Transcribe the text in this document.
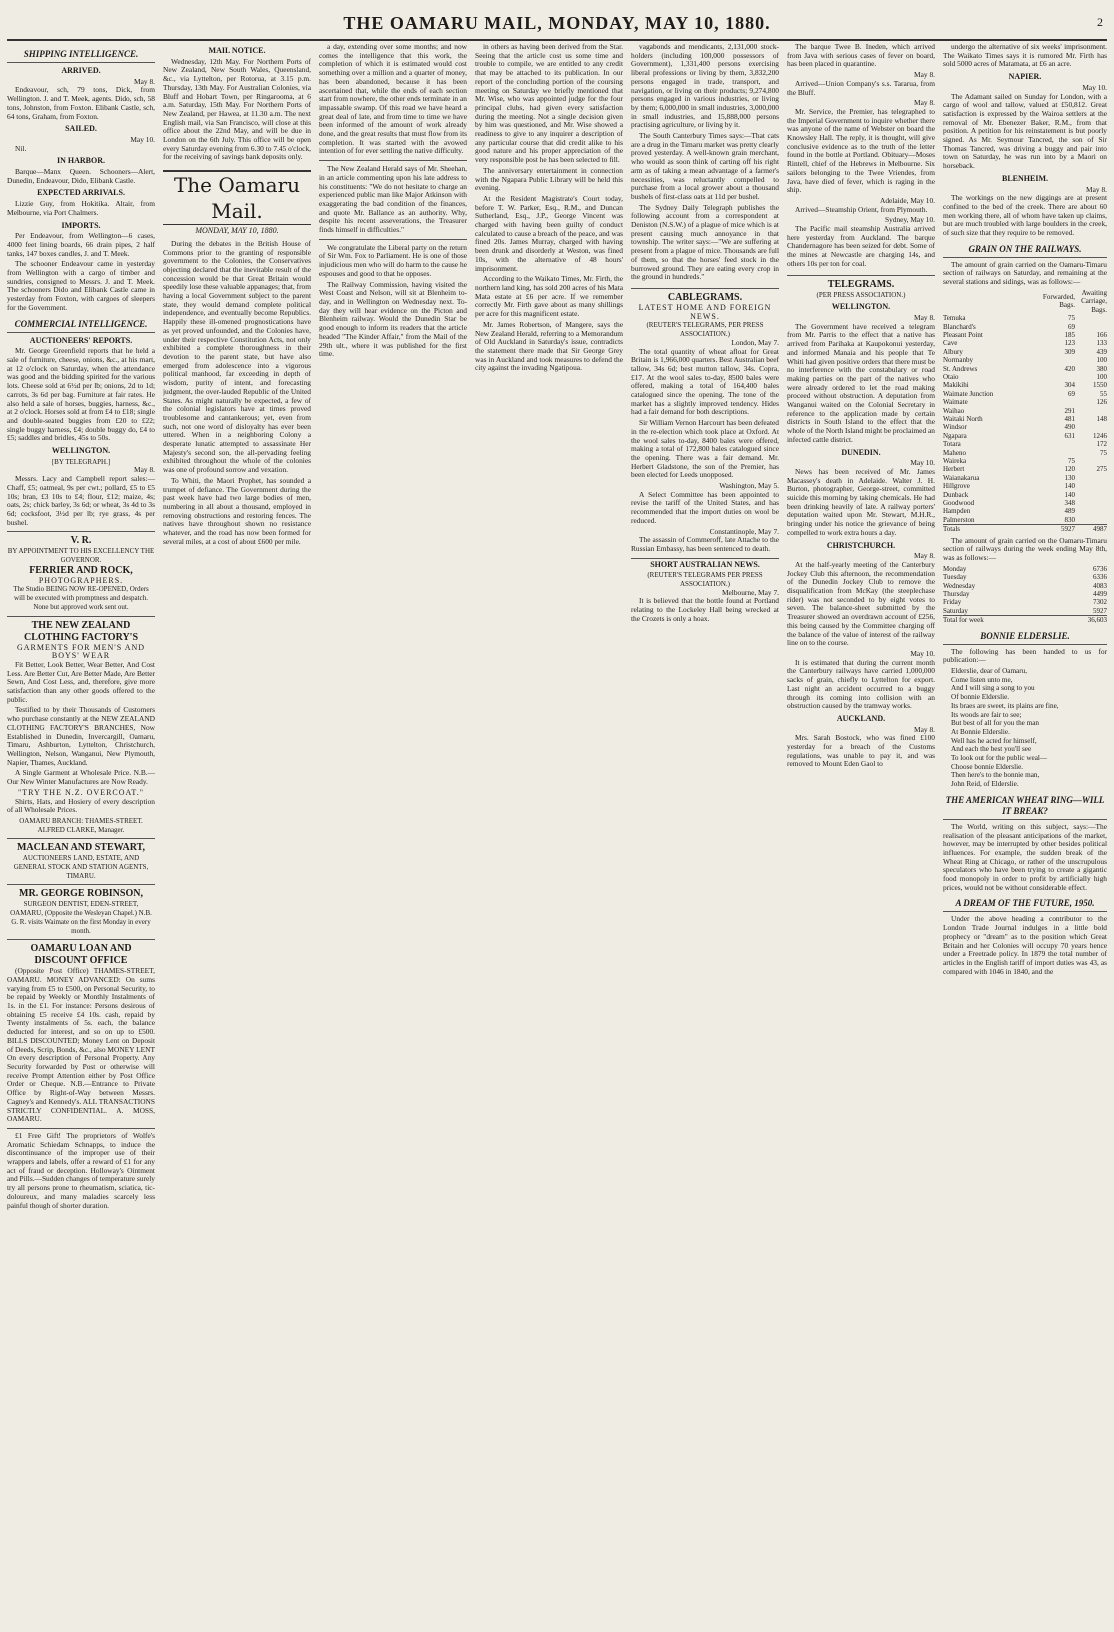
THE OAMARU MAIL, MONDAY, MAY 10, 1880.	2
SHIPPING INTELLIGENCE.
ARRIVED.
May 8.

Endeavour, sch, 79 tons, Dick, from Wellington. J. and T. Meek, agents. Dido, sch, 58 tons, Johnston, from Foxton. Elibank Castle, sch, 64 tons, Graham, from Foxton.

SAILED.
May 10.

Nil.

IN HARBOR.

Barque—Manx Queen. Schooners—Alert, Dunedin, Endeavour, Dido, Elibank Castle.

EXPECTED ARRIVALS.

Lizzie Guy, from Hokitika. Altair, from Melbourne, via Port Chalmers.

IMPORTS.

Per Endeavour, from Wellington—6 cases, 4000 feet lining boards, 66 drain pipes, 2 half tanks, 147 boxes candles, J. and T. Meek.

The schooner Endeavour came in yesterday from Wellington with a cargo of timber and sundries, consigned to Messrs. J. and T. Meek. The schooners Dido and Elibank Castle came in yesterday from Foxton, with cargoes of sleepers for the Government.

COMMERCIAL INTELLIGENCE.
AUCTIONEERS' REPORTS.

Mr. George Greenfield reports that he held a sale of furniture, cheese, onions, &c., at his mart, at 12 o'clock on Saturday, when the attendance was good and the bidding spirited for the various lots. Cheese sold at 6½d per lb; onions, 2d to 1d; carrots, 3s 6d per bag. Furniture at fair rates. He also held a sale of horses, buggies, harness, &c., at 2 o'clock. Horses sold at from £4 to £18; single and double-seated buggies from £20 to £22; single buggy harness, £4; double buggy do, £4 to £5; saddles and bridles, 45s to 50s.

WELLINGTON.
[BY TELEGRAPH.]
May 8.

Messrs. Lacy and Campbell report sales:—Chaff, £5; oatmeal, 9s per cwt.; pollard, £5 to £5 10s; bran, £3 10s to £4; flour, £12; maize, 4s; oats, 2s; chick barley, 3s 6d; or wheat, 3s 4d to 3s 6d; cocksfoot, 3½d per lb; rye grass, 4s per bushel.

V. R.
BY APPOINTMENT TO HIS EXCELLENCY THE GOVERNOR.
FERRIER AND ROCK,
PHOTOGRAPHERS.
The Studio BEING NOW RE-OPENED, Orders will be executed with promptness and despatch. None but approved work sent out.
THE NEW ZEALAND CLOTHING FACTORY'S
GARMENTS FOR MEN'S AND BOYS' WEAR

Fit Better, Look Better, Wear Better, And Cost Less. Are Better Cut, Are Better Made, Are Better Sewn, And Cost Less, and, therefore, give more satisfaction than any other goods offered to the public.

Testified to by their Thousands of Customers who purchase constantly at the NEW ZEALAND CLOTHING FACTORY'S BRANCHES, Now Established in Dunedin, Invercargill, Oamaru, Timaru, Ashburton, Lyttelton, Christchurch, Wellington, Nelson, Wanganui, New Plymouth, Napier, Thames, Auckland.

A Single Garment at Wholesale Price. N.B.—Our New Winter Manufactures are Now Ready.

"TRY THE N.Z. OVERCOAT."

Shirts, Hats, and Hosiery of every description of all Wholesale Prices.

OAMARU BRANCH: THAMES-STREET. ALFRED CLARKE, Manager.
MACLEAN AND STEWART,
AUCTIONEERS LAND, ESTATE, AND GENERAL STOCK AND STATION AGENTS, TIMARU.
MR. GEORGE ROBINSON,
SURGEON DENTIST, EDEN-STREET, OAMARU, (Opposite the Wesleyan Chapel.) N.B. G. R. visits Waimate on the first Monday in every month.
OAMARU LOAN AND DISCOUNT OFFICE

(Opposite Post Office) THAMES-STREET, OAMARU. MONEY ADVANCED: On sums varying from £5 to £500, on Personal Security, to be repaid by Weekly or Monthly Instalments of 1s. in the £1. For instance: Persons desirous of obtaining £5 receive £4 10s. cash, repaid by Twenty instalments of 5s. each, the balance deducted for interest, and so on up to £500. BILLS DISCOUNTED; Money Lent on Deposit of Deeds, Scrip, Bonds, &c., also MONEY LENT On every description of Personal Property. Any Security forwarded by Post or otherwise will receive Prompt Attention either by Post Office Order or Cheque. N.B.—Entrance to Private Office by Right-of-Way between Messrs. Cagney's and Kennedy's. ALL TRANSACTIONS STRICTLY CONFIDENTIAL. A. MOSS, OAMARU.

£1 Free Gift! The proprietors of Wolfe's Aromatic Schiedam Schnapps, to induce the discontinuance of the improper use of their wrappers and labels, offer a reward of £1 for any act of fraud or deception. Holloway's Ointment and Pills.—Sudden changes of temperature surely try all persons prone to rheumatism, sciatica, tic-doloureux, and many maladies scarcely less painful though of shorter duration.

MAIL NOTICE.

Wednesday, 12th May. For Northern Ports of New Zealand, New South Wales, Queensland, &c., via Lyttelton, per Rotorua, at 3.15 p.m. Thursday, 13th May. For Australian Colonies, via Bluff and Hobart Town, per Ringarooma, at 6 a.m. Saturday, 15th May. For Northern Ports of New Zealand, per Hawea, at 11.30 a.m. The next English mail, via San Francisco, will close at this office about the 22nd May, and will be due in London on the 6th July. This office will be open every Saturday evening from 6.30 to 7.45 o'clock, for the receiving of savings bank deposits only.

The Oamaru Mail.
MONDAY, MAY 10, 1880.

During the debates in the British House of Commons prior to the granting of responsible government to the Colonies, the Conservatives objecting declared that the inevitable result of the concession would be that Great Britain would speedily lose these valuable appanages; that, from having a local Government subject to the parent state, they would demand complete political independence, and eventually become Republics. Happily these ill-omened prognostications have as yet proved unfounded, and the Colonies have, under their respective Constitution Acts, not only exhibited a complete thoroughness in their devotion to the parent state, but have also emerged from adolescence into a vigorous political manhood, far exceeding in depth of wisdom, purity of intent, and forecasting judgment, the over-lauded Republic of the United States. As might naturally be expected, a few of the colonial legislators have at times proved troublesome and cantankerous; yet, even from such, not one word of disloyalty has ever been uttered. When in a neighboring Colony a desperate lunatic attempted to assassinate Her Majesty's second son, the all-pervading feeling exhibited throughout the whole of the colonies was one of profound sorrow and vexation.

To Whiti, the Maori Prophet, has sounded a trumpet of defiance. The Government during the past week have had two large bodies of men, numbering in all about a thousand, employed in removing obstructions and restoring fences. The natives have throughout shown no resistance whatever, and the road has now been formed for several miles, at a cost of about £600 per mile.

a day, extending over some months; and now comes the intelligence that this work, the completion of which it is estimated would cost something over a million and a quarter of money, has been abandoned, because it has been ascertained that, while the ends of each section start from nowhere, the other ends terminate in an impassable swamp. Of this road we have heard a great deal of late, and from time to time we have been informed of the amount of work already done, and the great results that must flow from its completion. It was started with the avowed intention of for ever settling the native difficulty.

The New Zealand Herald says of Mr. Sheehan, in an article commenting upon his late address to his constituents: "We do not hesitate to charge an experienced public man like Major Atkinson with exaggerating the bad condition of the finances, and quote Mr. Ballance as an authority. Why, despite his recent asseverations, the Treasurer finds himself in difficulties."

We congratulate the Liberal party on the return of Sir Wm. Fox to Parliament. He is one of those injudicious men who will do harm to the cause he espouses and good to that he opposes.

The Railway Commission, having visited the West Coast and Nelson, will sit at Blenheim to-day, and in Wellington on Wednesday next. To-day they will hear evidence on the Picton and Blenheim railway. Would the Dunedin Star be good enough to inform its readers that the article headed "The Kinder Affair," from the Mail of the 29th ult., where it was published for the first time.

in others as having been derived from the Star. Seeing that the article cost us some time and trouble to compile, we are entitled to any credit that may be attached to its publication. In our report of the concluding portion of the coursing meeting on Saturday we briefly mentioned that Mr. Wise, who was appointed judge for the four principal clubs, had given every satisfaction during the meeting. Not a single decision given by him was questioned, and Mr. Wise showed a readiness to give to any inquirer a description of any particular course that did credit alike to his good nature and his proper appreciation of the very responsible post he has been selected to fill.

The anniversary entertainment in connection with the Ngapara Public Library will be held this evening.

At the Resident Magistrate's Court today, before T. W. Parker, Esq., R.M., and Duncan Sutherland, Esq., J.P., George Vincent was charged with having been guilty of conduct calculated to cause a breach of the peace, and was fined 20s. James Murray, charged with having been drunk and disorderly at Weston, was fined 10s, with the alternative of 48 hours' imprisonment.

According to the Waikato Times, Mr. Firth, the northern land king, has sold 200 acres of his Mata Mata estate at £6 per acre. If we remember correctly Mr. Firth gave about as many shillings per acre for this magnificent estate.

Mr. James Robertson, of Mangere, says the New Zealand Herald, referring to a Memorandum of Old Auckland in Saturday's issue, contradicts the statement there made that Sir George Grey was in Auckland and took measures to defend the city against the invading Ngatipoua.

vagabonds and mendicants, 2,131,000 stock-holders (including 100,000 possessors of Government), 1,331,400 persons exercising liberal professions or living by them, 3,832,200 persons engaged in trade, transport, and navigation, or living on their products; 9,274,800 persons engaged in various industries, or living by them; 6,000,000 in small industries, 3,000,000 in small industries, and 15,888,000 persons practising agriculture, or living by it.

The South Canterbury Times says:—That cats are a drug in the Timaru market was pretty clearly proved yesterday. A well-known grain merchant, who would as soon think of carting off his right arm as of taking a mean advantage of a farmer's necessities, was reluctantly compelled to purchase from a local grower about a thousand bushels of first-class oats at 11d per bushel.

The Sydney Daily Telegraph publishes the following account from a correspondent at Deniston (N.S.W.) of a plague of mice which is at present causing much annoyance in that township. The writer says:—"We are suffering at present from a plague of mice. Thousands are full of them, so that the horses' feed stock in the burrowed ground. They are eating every crop in the ground in hundreds."

CABLEGRAMS.
LATEST HOME AND FOREIGN NEWS.
(REUTER'S TELEGRAMS, PER PRESS ASSOCIATION.)
London, May 7.

The total quantity of wheat afloat for Great Britain is 1,966,000 quarters. Best Australian beef tallow, 34s 6d; best mutton tallow, 34s. Copra, £17. At the wool sales to-day, 8500 bales were offered, making a total of 164,400 bales catalogued since the opening. The tone of the market has a slightly improved tendency. Hides had a fair demand for both descriptions.

Sir William Vernon Harcourt has been defeated in the re-election which took place at Oxford. At the wool sales to-day, 8400 bales were offered, making a total of 172,800 bales catalogued since the opening. There was a fair demand. Mr. Herbert Gladstone, the son of the Premier, has been elected for Leeds unopposed.

Washington, May 5.

A Select Committee has been appointed to revise the tariff of the United States, and has recommended that the import duties on wool be reduced.

Constantinople, May 7.

The assassin of Commeroff, late Attache to the Russian Embassy, has been sentenced to death.

SHORT AUSTRALIAN NEWS.
(REUTER'S TELEGRAMS PER PRESS ASSOCIATION.)
Melbourne, May 7.

It is believed that the bottle found at Portland relating to the Lockeley Hall being wrecked at the Crozets is only a hoax.

The barque Twee B. Ineden, which arrived from Java with serious cases of fever on board, has been placed in quarantine.

May 8.

Arrived—Union Company's s.s. Tararua, from the Bluff.

May 8.

Mr. Service, the Premier, has telegraphed to the Imperial Government to inquire whether there was anyone of the name of Webster on board the Knowsley Hall. The reply, it is thought, will give conclusive evidence as to the truth of the letter found in the bottle at Portland. Obituary—Moses Rintell, chief of the Hebrews in Melbourne. Six sailors belonging to the Twee Vriendes, from Java, have died of fever, which is raging in the ship.

Adelaide, May 10.

Arrived—Steamship Orient, from Plymouth.

Sydney, May 10.

The Pacific mail steamship Australia arrived here yesterday from Auckland. The barque Chandernagore has been seized for debt. Some of the mines at Newcastle are charging 14s, and others 10s per ton for coal.

TELEGRAMS.
(PER PRESS ASSOCIATION.)
WELLINGTON.
May 8.

The Government have received a telegram from Mr. Parris to the effect that a native has arrived from Parihaka at Kaupokonui yesterday, and informed Manaia and his people that Te Whiti had given positive orders that there must be no interference with the constabulary or road making parties on the part of the natives who were already ordered to let the road making proceed without obstruction. A deputation from Wanganui waited on the Colonial Secretary in reference to the application made by certain districts in South Island to the effect that the whole of the North Island might be proclaimed an infected cattle district.

DUNEDIN.
May 10.

News has been received of Mr. James Macassey's death in Adelaide. Walter J. H. Burton, photographer, George-street, committed suicide this morning by taking chemicals. He had been drinking heavily of late. A railway porters' deputation waited upon Mr. Stewart, M.H.R., bringing under his notice the grievance of being compelled to work extra hours a day.

CHRISTCHURCH.
May 8.

At the half-yearly meeting of the Canterbury Jockey Club this afternoon, the recommendation of the Dunedin Jockey Club to remove the disqualification from McKay (the steeplechase rider) was not seconded to by eight votes to seven. The balance-sheet submitted by the Treasurer showed an overdrawn account of £256, this being caused by the Committee charging off the balance of the value of interest of the railway line on to the course.

May 10.

It is estimated that during the current month the Canterbury railways have carried 1,000,000 sacks of grain, chiefly to Lyttelton for export. Last night an accident occurred to a buggy through its coming into collision with an obstruction caused by the tramway works.

AUCKLAND.
May 8.

Mrs. Sarah Bostock, who was fined £100 yesterday for a breach of the Customs regulations, was unable to pay it, and was removed to Mount Eden Gaol to

undergo the alternative of six weeks' imprisonment. The Waikato Times says it is rumored Mr. Firth has sold 5000 acres of Matamata, at £6 an acre.

NAPIER.
May 10.

The Adamant sailed on Sunday for London, with a cargo of wool and tallow, valued at £50,812. Great satisfaction is expressed by the Wairoa settlers at the removal of Mr. Ebenezer Baker, R.M., from that position. A petition for his reinstatement is but poorly signed. As Mr. Seymour Tancred, the son of Sir Thomas Tancred, was driving a buggy and pair into town on Saturday, he was run into by a Maori on horseback.

BLENHEIM.
May 8.

The workings on the new diggings are at present confined to the bed of the creek. There are about 60 men working there, all of whom have taken up claims, but are much troubled with large boulders in the creek, of such size that they require to be removed.

GRAIN ON THE RAILWAYS.

The amount of grain carried on the Oamaru-Timaru section of railways on Saturday, and remaining at the several stations and sidings, was as follows:—

	Forwarded, Bags.	Awaiting Carriage, Bags.
Temuka	75	
Blanchard's	69	
Pleasant Point	185	166
Cave	123	133
Albury	309	439
Normanby		100
St. Andrews	420	380
Otaio		100
Makikihi	304	1550
Waimate Junction	69	55
Waimate		126
Waihao	291	
Waitaki North	481	148
Windsor	490	
Ngapara	631	1246
Totara		172
Maheno		75
Waireka	75	
Herbert	120	275
Waianakarua	130	
Hillgrove	140	
Dunback	140	
Goodwood	348	
Hampden	489	
Palmerston	830	
Totals	5927	4987

The amount of grain carried on the Oamaru-Timaru section of railways during the week ending May 8th, was as follows:—

Monday	6736
Tuesday	6336
Wednesday	4083
Thursday	4499
Friday	7302
Saturday	5927
Total for week	36,603
BONNIE ELDERSLIE.

The following has been handed to us for publication:—

Elderslie, dear of Oamaru,
Come listen unto me,
And I will sing a song to you
Of bonnie Elderslie.
Its braes are sweet, its plains are fine,
Its woods are fair to see;
But best of all for you the man
At Bonnie Elderslie.
Well has he acted for himself,
And each the best you'll see
To look out for the public weal—
Choose bonnie Elderslie.
Then here's to the bonnie man,
John Reid, of Elderslie.
THE AMERICAN WHEAT RING—WILL IT BREAK?

The World, writing on this subject, says:—The realisation of the pleasant anticipations of the market, however, may be interrupted by other besides political influences. For example, the sudden break of the Wheat Ring at Chicago, or rather of the unscrupulous speculators who have been trying to create a gigantic food monopoly in order to profit by artificially high prices, would not be without considerable effect.

A DREAM OF THE FUTURE, 1950.

Under the above heading a contributor to the London Trade Journal indulges in a little bold prophecy or "dream" as to the position which Great Britain and her Colonies will occupy 70 years hence under a Freetrade policy. In 1879 the total number of articles in the English tariff of import duties was 43, as compared with 1046 in 1840, and the
